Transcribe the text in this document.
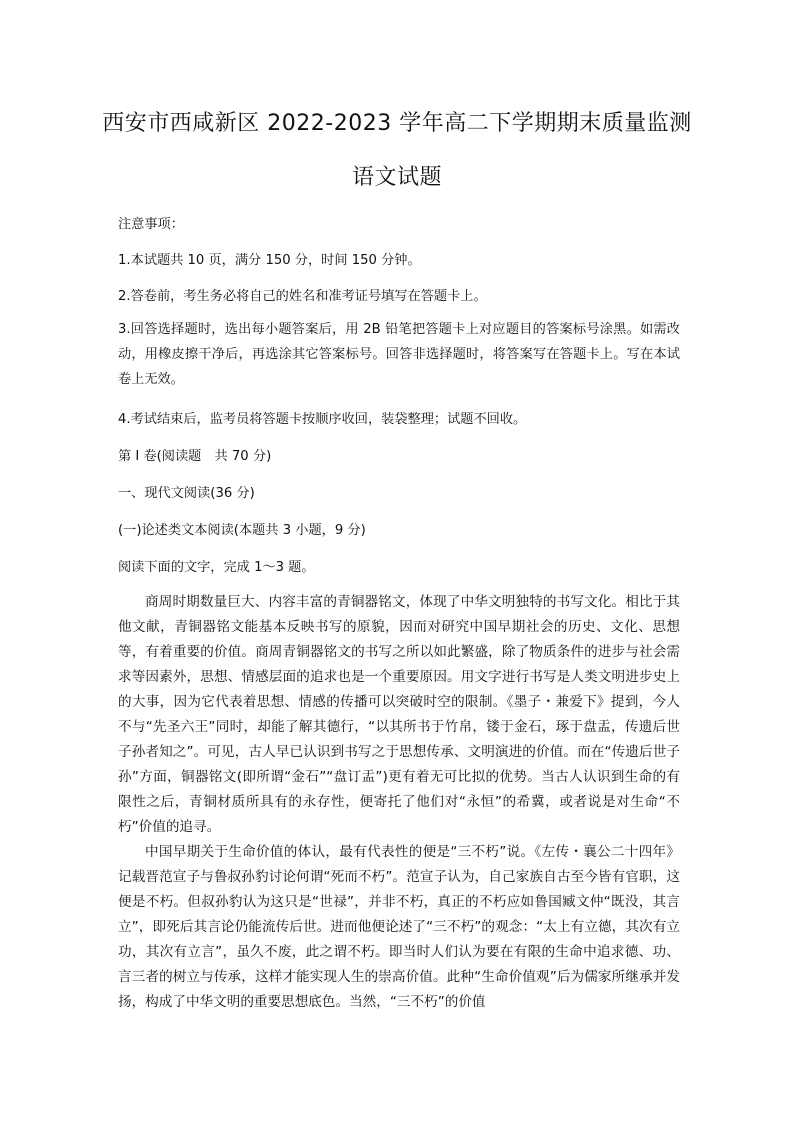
西安市西咸新区 2022-2023 学年高二下学期期末质量监测
语文试题
注意事项：
1.本试题共 10 页，满分 150 分，时间 150 分钟。
2.答卷前，考生务必将自己的姓名和准考证号填写在答题卡上。
3.回答选择题时，选出每小题答案后，用 2B 铅笔把答题卡上对应题目的答案标号涂黑。如需改动，用橡皮擦干净后，再选涂其它答案标号。回答非选择题时，将答案写在答题卡上。写在本试卷上无效。
4.考试结束后，监考员将答题卡按顺序收回，装袋整理；试题不回收。
第 I 卷(阅读题　共 70 分)
一、现代文阅读(36 分)
(一)论述类文本阅读(本题共 3 小题，9 分)
阅读下面的文字，完成 1～3 题。
商周时期数量巨大、内容丰富的青铜器铭文，体现了中华文明独特的书写文化。相比于其他文献，青铜器铭文能基本反映书写的原貌，因而对研究中国早期社会的历史、文化、思想等，有着重要的价值。商周青铜器铭文的书写之所以如此繁盛，除了物质条件的进步与社会需求等因素外，思想、情感层面的追求也是一个重要原因。用文字进行书写是人类文明进步史上的大事，因为它代表着思想、情感的传播可以突破时空的限制。《墨子・兼爱下》提到，今人不与“先圣六王”同时，却能了解其德行，“以其所书于竹帛，镂于金石，琢于盘盂，传遗后世子孙者知之”。可见，古人早已认识到书写之于思想传承、文明演进的价值。而在“传遗后世子孙”方面，铜器铭文(即所谓“金石”“盘订盂”)更有着无可比拟的优势。当古人认识到生命的有限性之后，青铜材质所具有的永存性，便寄托了他们对“永恒”的希冀，或者说是对生命“不朽”价值的追寻。
中国早期关于生命价值的体认，最有代表性的便是“三不朽”说。《左传・襄公二十四年》记载晋范宣子与鲁叔孙豹讨论何谓“死而不朽”。范宣子认为，自己家族自古至今皆有官职，这便是不朽。但叔孙豹认为这只是“世禄”，并非不朽，真正的不朽应如鲁国臧文仲“既没，其言立”，即死后其言论仍能流传后世。进而他便论述了“三不朽”的观念：“太上有立德，其次有立功，其次有立言”，虽久不废，此之谓不朽。即当时人们认为要在有限的生命中追求德、功、言三者的树立与传承，这样才能实现人生的崇高价值。此种“生命价值观”后为儒家所继承并发扬，构成了中华文明的重要思想底色。当然，“三不朽”的价值
